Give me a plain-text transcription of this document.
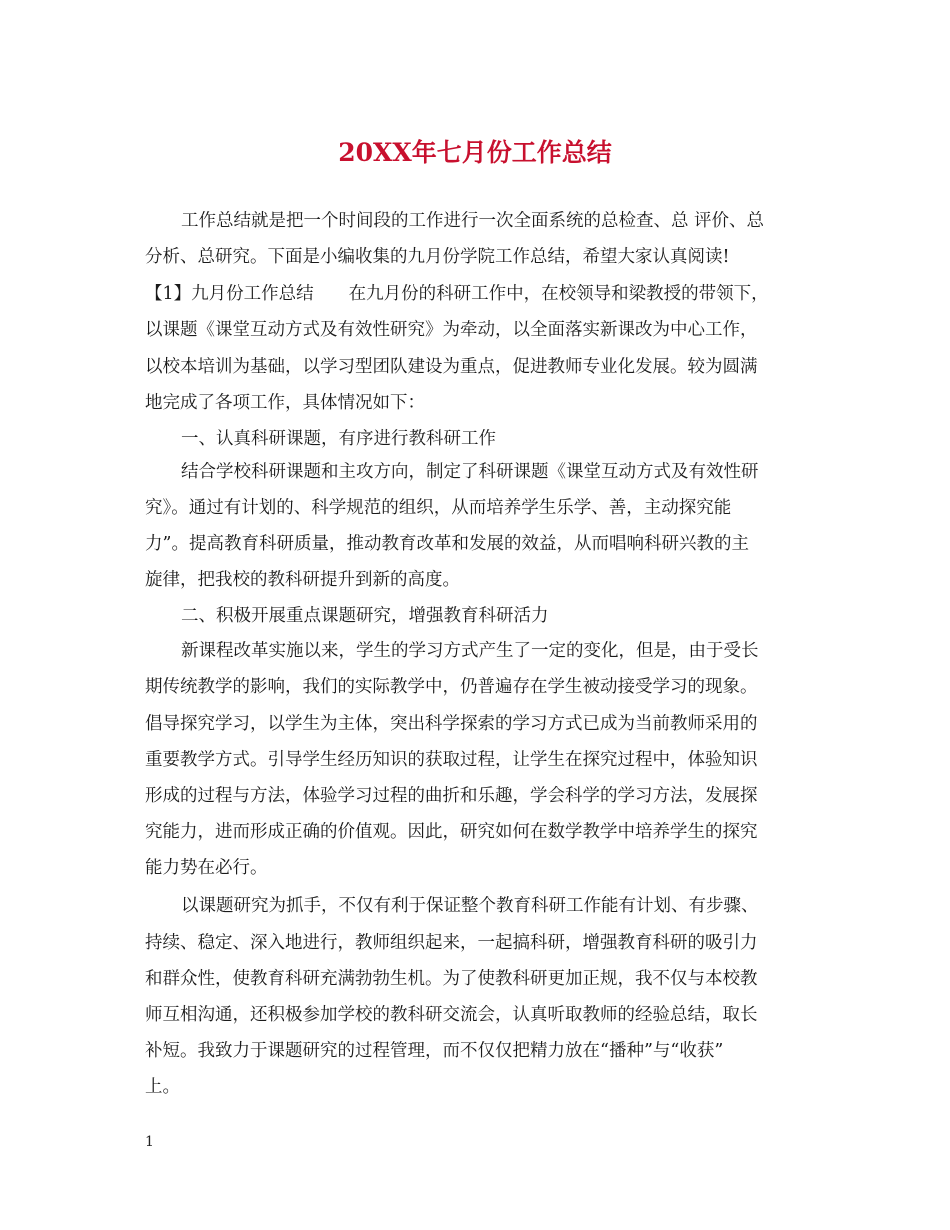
20XX年七月份工作总结
工作总结就是把一个时间段的工作进行一次全面系统的总检查、总 评价、总
分析、总研究。下面是小编收集的九月份学院工作总结，希望大家认真阅读!
【1】九月份工作总结　　在九月份的科研工作中，在校领导和梁教授的带领下，
以课题《课堂互动方式及有效性研究》为牵动，以全面落实新课改为中心工作，
以校本培训为基础，以学习型团队建设为重点，促进教师专业化发展。较为圆满
地完成了各项工作，具体情况如下：
一、认真科研课题，有序进行教科研工作
结合学校科研课题和主攻方向，制定了科研课题《课堂互动方式及有效性研
究》。通过有计划的、科学规范的组织，从而培养学生乐学、善，主动探究能
力”。提高教育科研质量，推动教育改革和发展的效益，从而唱响科研兴教的主
旋律，把我校的教科研提升到新的高度。
二、积极开展重点课题研究，增强教育科研活力
新课程改革实施以来，学生的学习方式产生了一定的变化，但是，由于受长
期传统教学的影响，我们的实际教学中，仍普遍存在学生被动接受学习的现象。
倡导探究学习，以学生为主体，突出科学探索的学习方式已成为当前教师采用的
重要教学方式。引导学生经历知识的获取过程，让学生在探究过程中，体验知识
形成的过程与方法，体验学习过程的曲折和乐趣，学会科学的学习方法，发展探
究能力，进而形成正确的价值观。因此，研究如何在数学教学中培养学生的探究
能力势在必行。
以课题研究为抓手，不仅有利于保证整个教育科研工作能有计划、有步骤、
持续、稳定、深入地进行，教师组织起来，一起搞科研，增强教育科研的吸引力
和群众性，使教育科研充满勃勃生机。为了使教科研更加正规，我不仅与本校教
师互相沟通，还积极参加学校的教科研交流会，认真听取教师的经验总结，取长
补短。我致力于课题研究的过程管理，而不仅仅把精力放在“播种”与“收获”
上。
1
